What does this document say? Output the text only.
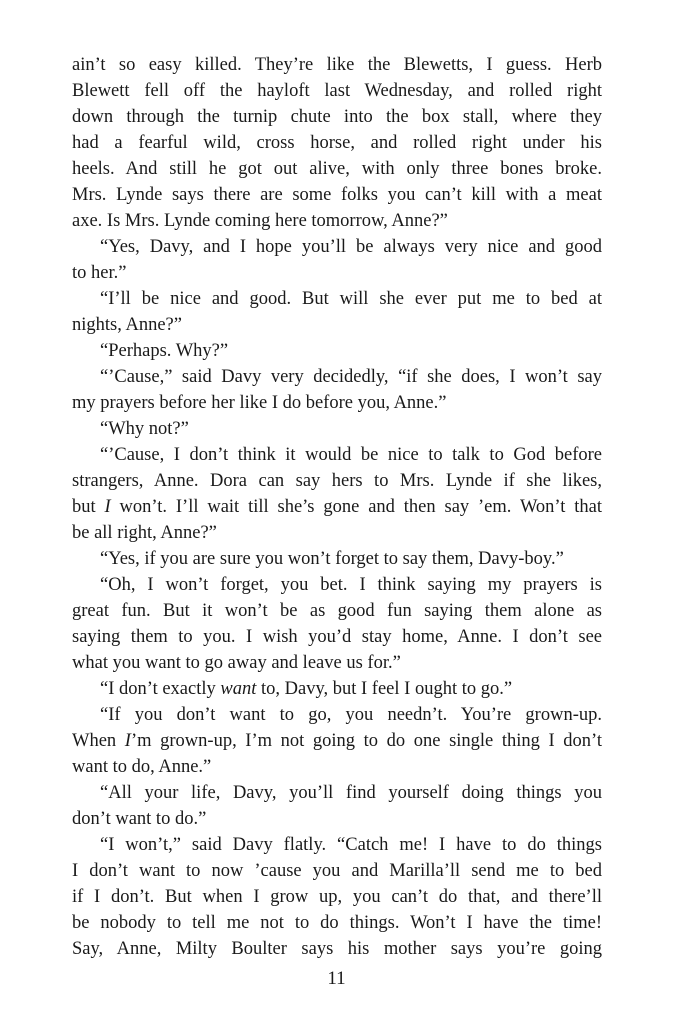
ain’t so easy killed. They’re like the Blewetts, I guess. Herb
Blewett fell off the hayloft last Wednesday, and rolled right
down through the turnip chute into the box stall, where they
had a fearful wild, cross horse, and rolled right under his
heels. And still he got out alive, with only three bones broke.
Mrs. Lynde says there are some folks you can’t kill with a meat
axe. Is Mrs. Lynde coming here tomorrow, Anne?”
“Yes, Davy, and I hope you’ll be always very nice and good
to her.”
“I’ll be nice and good. But will she ever put me to bed at
nights, Anne?”
“Perhaps. Why?”
“’Cause,” said Davy very decidedly, “if she does, I won’t say
my prayers before her like I do before you, Anne.”
“Why not?”
“’Cause, I don’t think it would be nice to talk to God before
strangers, Anne. Dora can say hers to Mrs. Lynde if she likes,
but I won’t. I’ll wait till she’s gone and then say ’em. Won’t that
be all right, Anne?”
“Yes, if you are sure you won’t forget to say them, Davy-boy.”
“Oh, I won’t forget, you bet. I think saying my prayers is
great fun. But it won’t be as good fun saying them alone as
saying them to you. I wish you’d stay home, Anne. I don’t see
what you want to go away and leave us for.”
“I don’t exactly want to, Davy, but I feel I ought to go.”
“If you don’t want to go, you needn’t. You’re grown-up.
When I’m grown-up, I’m not going to do one single thing I don’t
want to do, Anne.”
“All your life, Davy, you’ll find yourself doing things you
don’t want to do.”
“I won’t,” said Davy flatly. “Catch me! I have to do things
I don’t want to now ’cause you and Marilla’ll send me to bed
if I don’t. But when I grow up, you can’t do that, and there’ll
be nobody to tell me not to do things. Won’t I have the time!
Say, Anne, Milty Boulter says his mother says you’re going
11
